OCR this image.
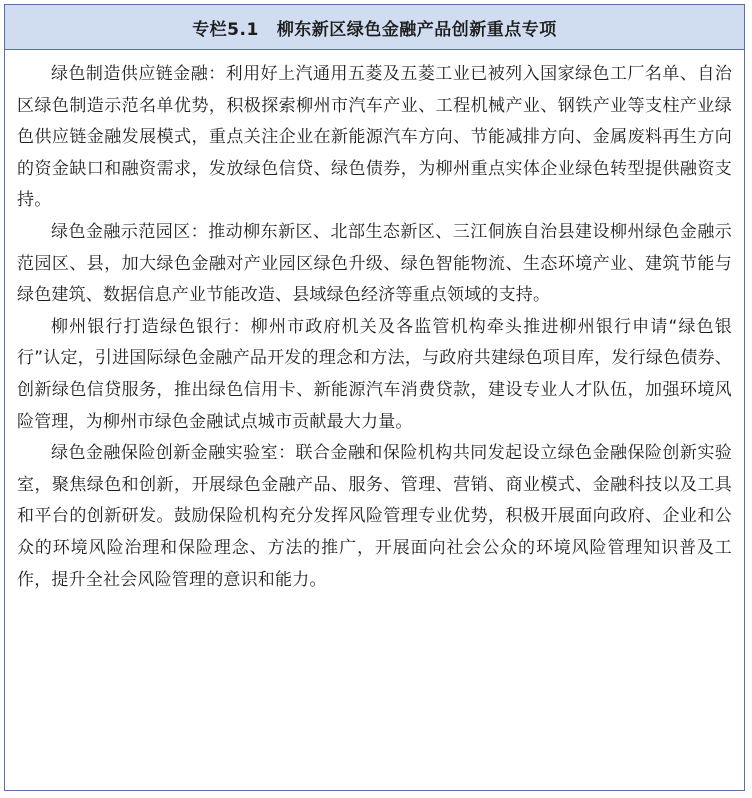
专栏5.1 柳东新区绿色金融产品创新重点专项

绿色制造供应链金融：利用好上汽通用五菱及五菱工业已被列入国家绿色工厂名单、自治区绿色制造示范名单优势，积极探索柳州市汽车产业、工程机械产业、钢铁产业等支柱产业绿色供应链金融发展模式，重点关注企业在新能源汽车方向、节能减排方向、金属废料再生方向的资金缺口和融资需求，发放绿色信贷、绿色债券，为柳州重点实体企业绿色转型提供融资支持。

绿色金融示范园区：推动柳东新区、北部生态新区、三江侗族自治县建设柳州绿色金融示范园区、县，加大绿色金融对产业园区绿色升级、绿色智能物流、生态环境产业、建筑节能与绿色建筑、数据信息产业节能改造、县域绿色经济等重点领域的支持。

柳州银行打造绿色银行：柳州市政府机关及各监管机构牵头推进柳州银行申请“绿色银行”认定，引进国际绿色金融产品开发的理念和方法，与政府共建绿色项目库，发行绿色债券、创新绿色信贷服务，推出绿色信用卡、新能源汽车消费贷款，建设专业人才队伍，加强环境风险管理，为柳州市绿色金融试点城市贡献最大力量。

绿色金融保险创新金融实验室：联合金融和保险机构共同发起设立绿色金融保险创新实验室，聚焦绿色和创新，开展绿色金融产品、服务、管理、营销、商业模式、金融科技以及工具和平台的创新研发。鼓励保险机构充分发挥风险管理专业优势，积极开展面向政府、企业和公众的环境风险治理和保险理念、方法的推广，开展面向社会公众的环境风险管理知识普及工作，提升全社会风险管理的意识和能力。
